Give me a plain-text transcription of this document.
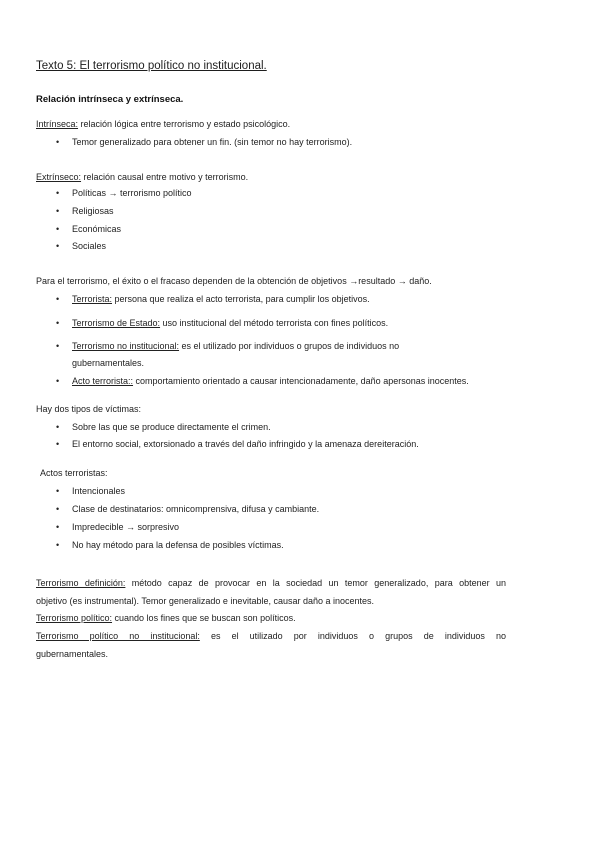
Texto 5: El terrorismo político no institucional.
Relación intrínseca y extrínseca.
Intrínseca: relación lógica entre terrorismo y estado psicológico.
• Temor generalizado para obtener un fin. (sin temor no hay terrorismo).
Extrínseco: relación causal entre motivo y terrorismo.
• Políticas → terrorismo político
• Religiosas
• Económicas
• Sociales
Para el terrorismo, el éxito o el fracaso dependen de la obtención de objetivos →resultado → daño.
• Terrorista: persona que realiza el acto terrorista, para cumplir los objetivos.
• Terrorismo de Estado: uso institucional del método terrorista con fines políticos.
• Terrorismo no institucional: es el utilizado por individuos o grupos de individuos no
gubernamentales.
• Acto terrorista:: comportamiento orientado a causar intencionadamente, daño apersonas inocentes.
Hay dos tipos de víctimas:
• Sobre las que se produce directamente el crimen.
• El entorno social, extorsionado a través del daño infringido y la amenaza dereiteración.
Actos terroristas:
• Intencionales
• Clase de destinatarios: omnicomprensiva, difusa y cambiante.
• Impredecible → sorpresivo
• No hay método para la defensa de posibles víctimas.
Terrorismo definición: método capaz de provocar en la sociedad un temor generalizado, para obtener un
objetivo (es instrumental). Temor generalizado e inevitable, causar daño a inocentes.
Terrorismo político: cuando los fines que se buscan son políticos.
Terrorismo político no institucional: es el utilizado por individuos o grupos de individuos no
gubernamentales.
